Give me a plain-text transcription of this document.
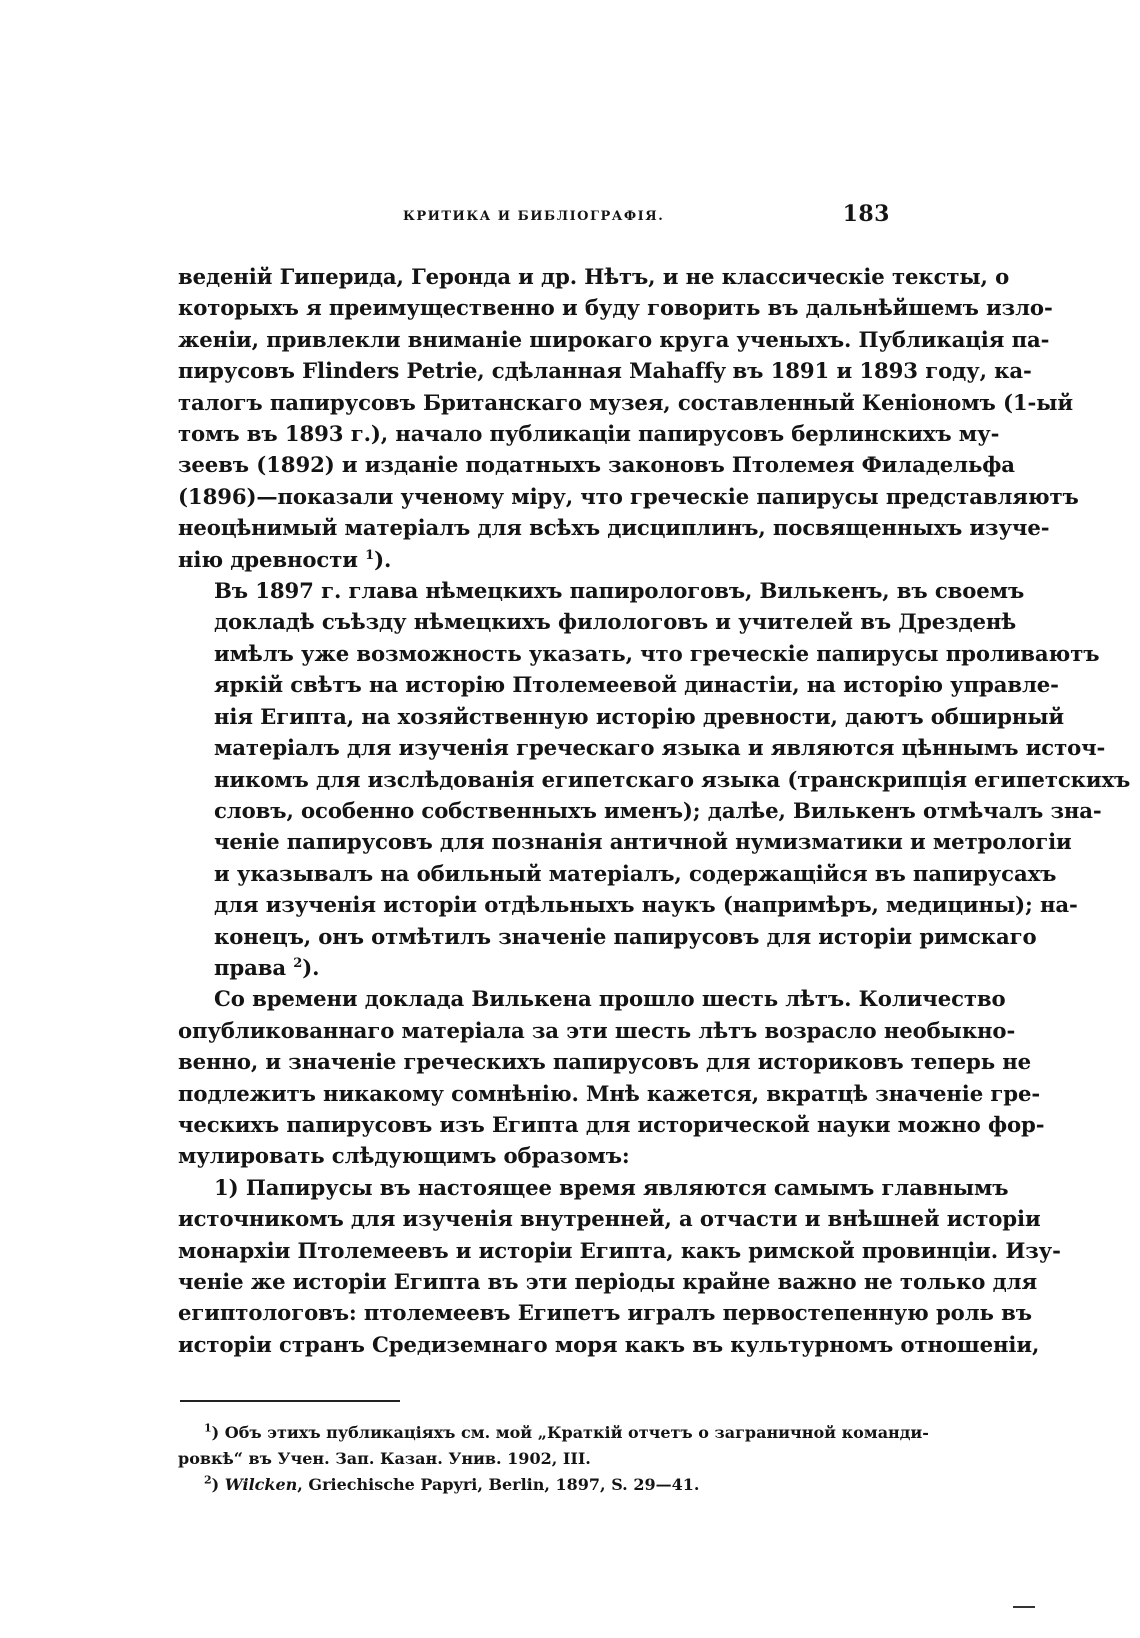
КРИТИКА И БИБЛІОГРАФІЯ.	183

веденій Гиперида, Геронда и др. Нѣтъ, и не классическіе тексты, о
которыхъ я преимущественно и буду говорить въ дальнѣйшемъ изло-
женіи, привлекли вниманіе широкаго круга ученыхъ. Публикація па-
пирусовъ Flinders Petrie, сдѣланная Mahaffy въ 1891 и 1893 году, ка-
талогъ папирусовъ Британскаго музея, составленный Кеніономъ (1-ый
томъ въ 1893 г.), начало публикаціи папирусовъ берлинскихъ му-
зеевъ (1892) и изданіе податныхъ законовъ Птолемея Филадельфа
(1896)—показали ученому міру, что греческіе папирусы представляютъ
неоцѣнимый матеріалъ для всѣхъ дисциплинъ, посвященныхъ изуче-
нію древности $^1$).

Въ 1897 г. глава нѣмецкихъ папирологовъ, Вилькенъ, въ своемъ
докладѣ съѣзду нѣмецкихъ филологовъ и учителей въ Дрезденѣ
имѣлъ уже возможность указать, что греческіе папирусы проливаютъ
яркій свѣтъ на исторію Птолемеевой династіи, на исторію управле-
нія Египта, на хозяйственную исторію древности, даютъ обширный
матеріалъ для изученія греческаго языка и являются цѣннымъ источ-
никомъ для изслѣдованія египетскаго языка (транскрипція египетскихъ
словъ, особенно собственныхъ именъ); далѣе, Вилькенъ отмѣчалъ зна-
ченіе папирусовъ для познанія античной нумизматики и метрологіи
и указывалъ на обильный матеріалъ, содержащійся въ папирусахъ
для изученія исторіи отдѣльныхъ наукъ (напримѣръ, медицины); на-
конецъ, онъ отмѣтилъ значеніе папирусовъ для исторіи римскаго
права $^2$).

Со времени доклада Вилькена прошло шесть лѣтъ. Количество
опубликованнаго матеріала за эти шесть лѣтъ возрасло необыкно-
венно, и значеніе греческихъ папирусовъ для историковъ теперь не
подлежитъ никакому сомнѣнію. Мнѣ кажется, вкратцѣ значеніе гре-
ческихъ папирусовъ изъ Египта для исторической науки можно фор-
мулировать слѣдующимъ образомъ:

1) Папирусы въ настоящее время являются самымъ главнымъ
источникомъ для изученія внутренней, а отчасти и внѣшней исторіи
монархіи Птолемеевъ и исторіи Египта, какъ римской провинціи. Изу-
ченіе же исторіи Египта въ эти періоды крайне важно не только для
египтологовъ: птолемеевъ Египетъ игралъ первостепенную роль въ
исторіи странъ Средиземнаго моря какъ въ культурномъ отношеніи,

$^1$) Объ этихъ публикаціяхъ см. мой „Краткій отчетъ о заграничной команди-
ровкѣ“ въ Учен. Зап. Казан. Унив. 1902, III.
$^2$) Wilcken, Griechische Papyri, Berlin, 1897, S. 29—41.
